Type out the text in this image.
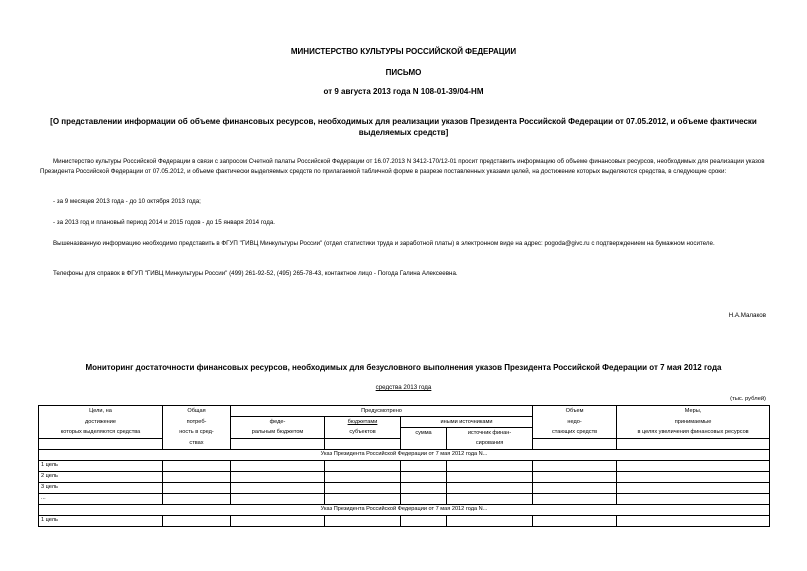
МИНИСТЕРСТВО КУЛЬТУРЫ РОССИЙСКОЙ ФЕДЕРАЦИИ
ПИСЬМО
от 9 августа 2013 года N 108-01-39/04-НМ
[О представлении информации об объеме финансовых ресурсов, необходимых для реализации указов Президента Российской Федерации от 07.05.2012, и объеме фактически выделяемых средств]
Министерство культуры Российской Федерации в связи с запросом Счетной палаты Российской Федерации от 16.07.2013 N 3412-170/12-01 просит представить информацию об объеме финансовых ресурсов, необходимых для реализации указов Президента Российской Федерации от 07.05.2012, и объеме фактически выделяемых средств по прилагаемой табличной форме в разрезе поставленных указами целей, на достижение которых выделяются средства, в следующие сроки:
- за 9 месяцев 2013 года - до 10 октября 2013 года;
- за 2013 год и плановый период 2014 и 2015 годов - до 15 января 2014 года.
Вышеназванную информацию необходимо представить в ФГУП "ГИВЦ Минкультуры России" (отдел статистики труда и заработной платы) в электронном виде на адрес: pogoda@givc.ru с подтверждением на бумажном носителе.
Телефоны для справок в ФГУП "ГИВЦ Минкультуры России" (499) 261-92-52, (495) 265-78-43, контактное лицо - Погода Галина Алексеевна.
Н.А.Малаков
Мониторинг достаточности финансовых ресурсов, необходимых для безусловного выполнения указов Президента Российской Федерации от 7 мая 2012 года
средства 2013 года
(тыс. рублей)
Цели, на	Общая	Предусмотрено				Объем	Меры,
достижение	потреб-	феде-	бюджетами	иными источниками		недо-	принимаемые
которых выделяются средства	ность в сред-	ральным бюджетом	субъектов	сумма	источник финан-	стающих средств	в целях увеличения финансовых ресурсов
	ствах				сирования		
Указ Президента Российской Федерации от 7 мая 2012 года N...							
1 цель							
2 цель							
3 цель							
...							
Указ Президента Российской Федерации от 7 мая 2012 года N...							
1 цель							
